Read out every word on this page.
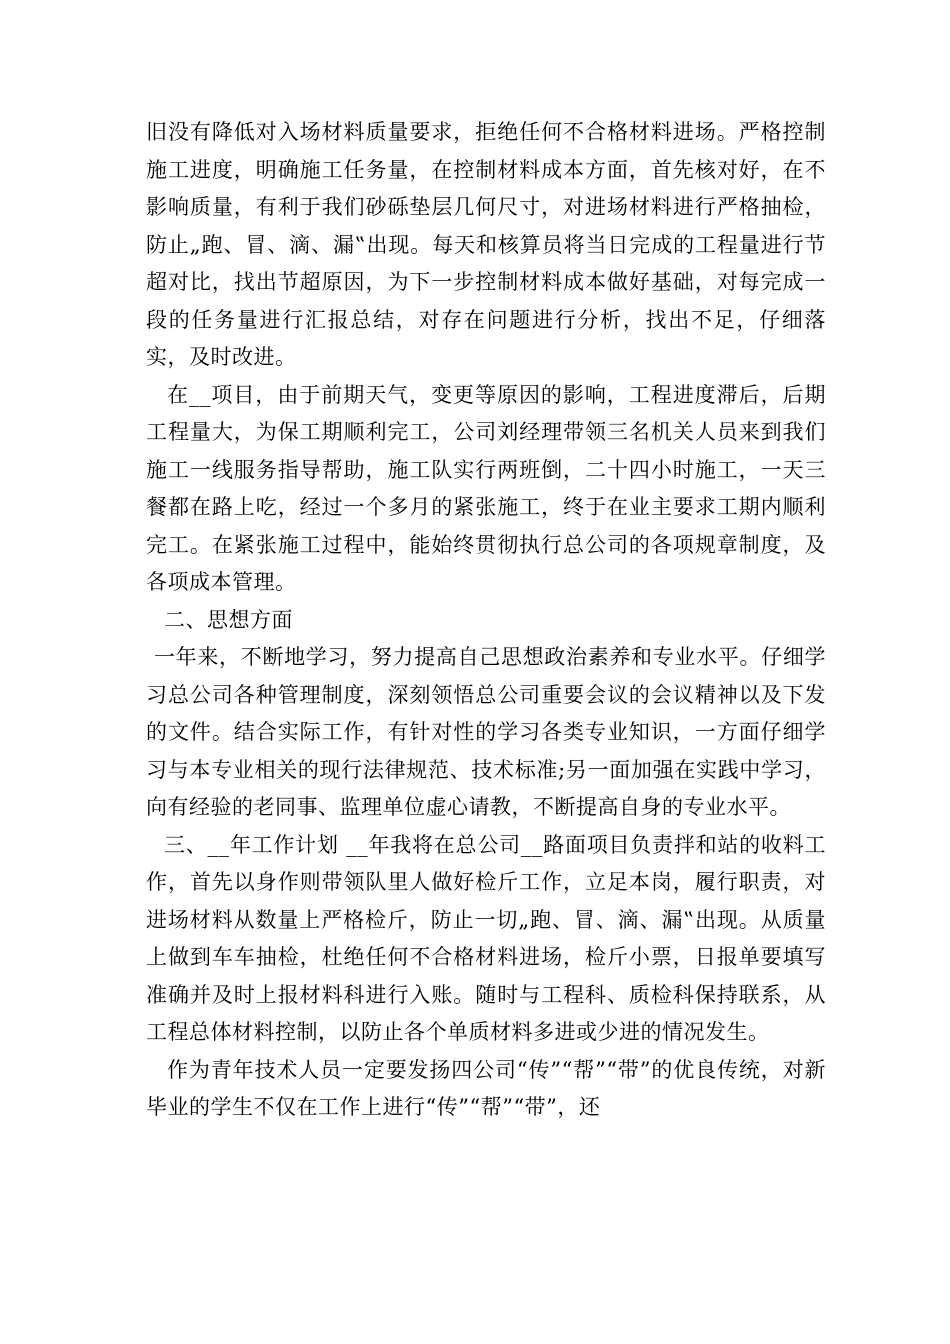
旧没有降低对入场材料质量要求，拒绝任何不合格材料进场。严格控制施工进度，明确施工任务量，在控制材料成本方面，首先核对好，在不影响质量，有利于我们砂砾垫层几何尺寸，对进场材料进行严格抽检，防止„跑、冒、滴、漏‟出现。每天和核算员将当日完成的工程量进行节超对比，找出节超原因，为下一步控制材料成本做好基础，对每完成一段的任务量进行汇报总结，对存在问题进行分析，找出不足，仔细落实，及时改进。

在__项目，由于前期天气，变更等原因的影响，工程进度滞后，后期工程量大，为保工期顺利完工，公司刘经理带领三名机关人员来到我们施工一线服务指导帮助，施工队实行两班倒，二十四小时施工，一天三餐都在路上吃，经过一个多月的紧张施工，终于在业主要求工期内顺利完工。在紧张施工过程中，能始终贯彻执行总公司的各项规章制度，及各项成本管理。

二、思想方面

一年来，不断地学习，努力提高自己思想政治素养和专业水平。仔细学习总公司各种管理制度，深刻领悟总公司重要会议的会议精神以及下发的文件。结合实际工作，有针对性的学习各类专业知识，一方面仔细学习与本专业相关的现行法律规范、技术标准;另一面加强在实践中学习，向有经验的老同事、监理单位虚心请教，不断提高自身的专业水平。

三、__年工作计划 __年我将在总公司__路面项目负责拌和站的收料工作，首先以身作则带领队里人做好检斤工作，立足本岗，履行职责，对进场材料从数量上严格检斤，防止一切„跑、冒、滴、漏‟出现。从质量上做到车车抽检，杜绝任何不合格材料进场，检斤小票，日报单要填写准确并及时上报材料科进行入账。随时与工程科、质检科保持联系，从工程总体材料控制，以防止各个单质材料多进或少进的情况发生。

作为青年技术人员一定要发扬四公司“传”“帮”“带”的优良传统，对新毕业的学生不仅在工作上进行“传”“帮”“带”，还
